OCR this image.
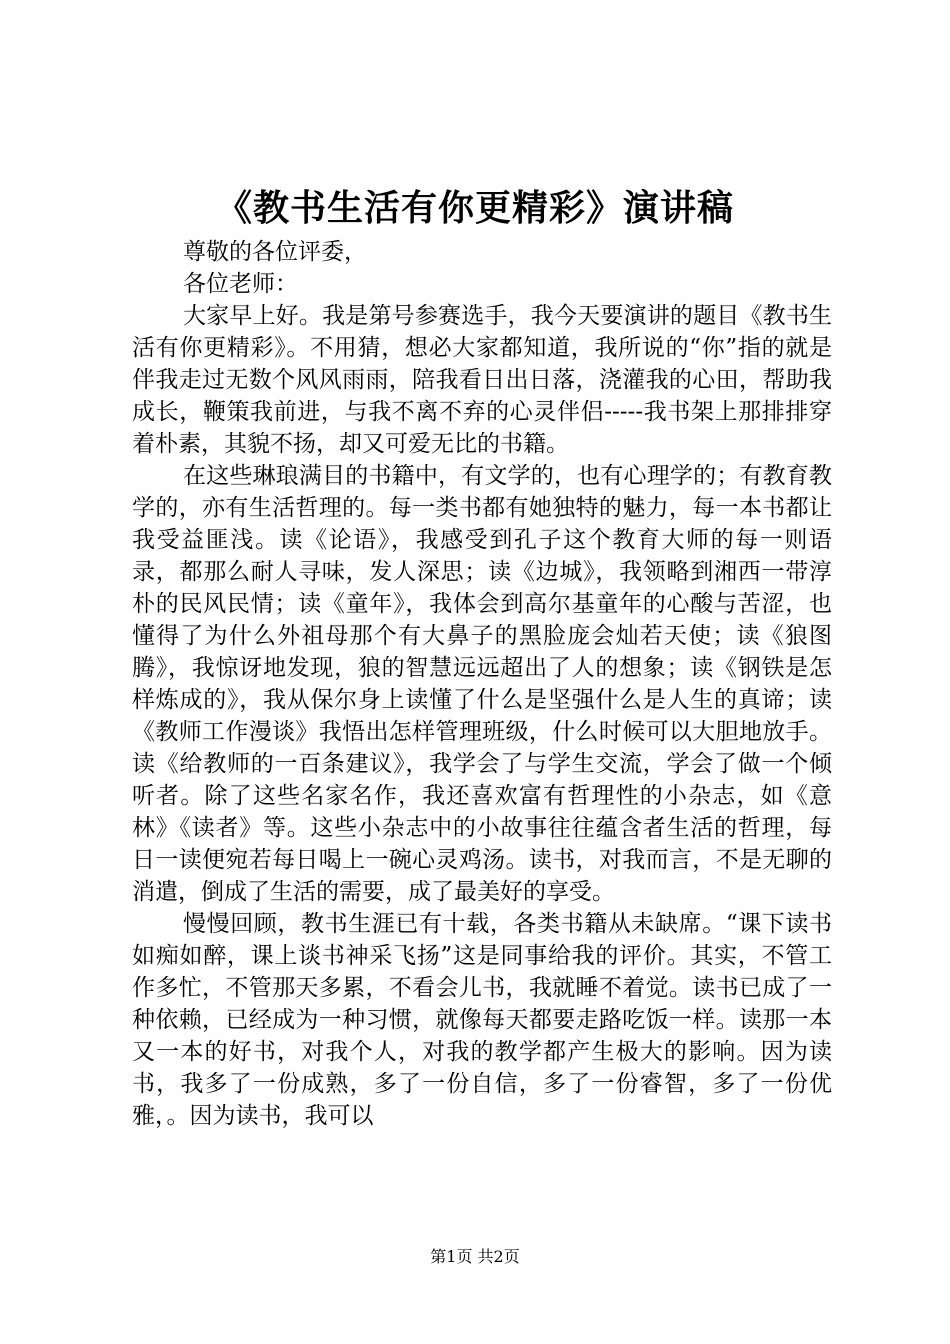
《教书生活有你更精彩》演讲稿

尊敬的各位评委，

各位老师：

大家早上好。我是第号参赛选手，我今天要演讲的题目《教书生活有你更精彩》。不用猜，想必大家都知道，我所说的“你”指的就是伴我走过无数个风风雨雨，陪我看日出日落，浇灌我的心田，帮助我成长，鞭策我前进，与我不离不弃的心灵伴侣-----我书架上那排排穿着朴素，其貌不扬，却又可爱无比的书籍。

在这些琳琅满目的书籍中，有文学的，也有心理学的；有教育教学的，亦有生活哲理的。每一类书都有她独特的魅力，每一本书都让我受益匪浅。读《论语》，我感受到孔子这个教育大师的每一则语录，都那么耐人寻味，发人深思；读《边城》，我领略到湘西一带淳朴的民风民情；读《童年》，我体会到高尔基童年的心酸与苦涩，也懂得了为什么外祖母那个有大鼻子的黑脸庞会灿若天使；读《狼图腾》，我惊讶地发现，狼的智慧远远超出了人的想象；读《钢铁是怎样炼成的》，我从保尔身上读懂了什么是坚强什么是人生的真谛；读《教师工作漫谈》我悟出怎样管理班级，什么时候可以大胆地放手。读《给教师的一百条建议》，我学会了与学生交流，学会了做一个倾听者。除了这些名家名作，我还喜欢富有哲理性的小杂志，如《意林》《读者》等。这些小杂志中的小故事往往蕴含者生活的哲理，每日一读便宛若每日喝上一碗心灵鸡汤。读书，对我而言，不是无聊的消遣，倒成了生活的需要，成了最美好的享受。

慢慢回顾，教书生涯已有十载，各类书籍从未缺席。“课下读书如痴如醉，课上谈书神采飞扬”这是同事给我的评价。其实，不管工作多忙，不管那天多累，不看会儿书，我就睡不着觉。读书已成了一种依赖，已经成为一种习惯，就像每天都要走路吃饭一样。读那一本又一本的好书，对我个人，对我的教学都产生极大的影响。因为读书，我多了一份成熟，多了一份自信，多了一份睿智，多了一份优雅，。因为读书，我可以

第1页 共2页
